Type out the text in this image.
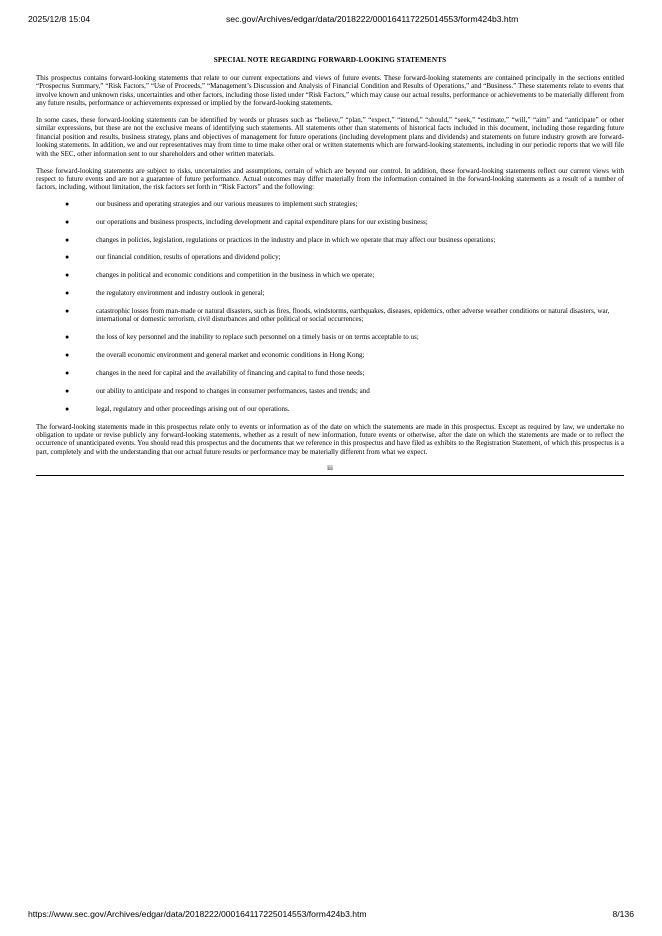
2025/12/8 15:04	sec.gov/Archives/edgar/data/2018222/000164117225014553/form424b3.htm
SPECIAL NOTE REGARDING FORWARD-LOOKING STATEMENTS

This prospectus contains forward-looking statements that relate to our current expectations and views of future events. These forward-looking statements are contained principally in the sections entitled “Prospectus Summary,” “Risk Factors,” “Use of Proceeds,” “Management’s Discussion and Analysis of Financial Condition and Results of Operations,” and “Business.” These statements relate to events that involve known and unknown risks, uncertainties and other factors, including those listed under “Risk Factors,” which may cause our actual results, performance or achievements to be materially different from any future results, performance or achievements expressed or implied by the forward-looking statements.

In some cases, these forward-looking statements can be identified by words or phrases such as “believe,” “plan,” “expect,” “intend,” “should,” “seek,” “estimate,” “will,” “aim” and “anticipate” or other similar expressions, but these are not the exclusive means of identifying such statements. All statements other than statements of historical facts included in this document, including those regarding future financial position and results, business strategy, plans and objectives of management for future operations (including development plans and dividends) and statements on future industry growth are forward-looking statements. In addition, we and our representatives may from time to time make other oral or written statements which are forward-looking statements, including in our periodic reports that we will file with the SEC, other information sent to our shareholders and other written materials.

These forward-looking statements are subject to risks, uncertainties and assumptions, certain of which are beyond our control. In addition, these forward-looking statements reflect our current views with respect to future events and are not a guarantee of future performance. Actual outcomes may differ materially from the information contained in the forward-looking statements as a result of a number of factors, including, without limitation, the risk factors set forth in “Risk Factors” and the following:

●	our business and operating strategies and our various measures to implement such strategies;
●	our operations and business prospects, including development and capital expenditure plans for our existing business;
●	changes in policies, legislation, regulations or practices in the industry and place in which we operate that may affect our business operations;
●	our financial condition, results of operations and dividend policy;
●	changes in political and economic conditions and competition in the business in which we operate;
●	the regulatory environment and industry outlook in general;
●	catastrophic losses from man-made or natural disasters, such as fires, floods, windstorms, earthquakes, diseases, epidemics, other adverse weather conditions or natural disasters, war, international or domestic terrorism, civil disturbances and other political or social occurrences;
●	the loss of key personnel and the inability to replace such personnel on a timely basis or on terms acceptable to us;
●	the overall economic environment and general market and economic conditions in Hong Kong;
●	changes in the need for capital and the availability of financing and capital to fund those needs;
●	our ability to anticipate and respond to changes in consumer performances, tastes and trends; and
●	legal, regulatory and other proceedings arising out of our operations.

The forward-looking statements made in this prospectus relate only to events or information as of the date on which the statements are made in this prospectus. Except as required by law, we undertake no obligation to update or revise publicly any forward-looking statements, whether as a result of new information, future events or otherwise, after the date on which the statements are made or to reflect the occurrence of unanticipated events. You should read this prospectus and the documents that we reference in this prospectus and have filed as exhibits to the Registration Statement, of which this prospectus is a part, completely and with the understanding that our actual future results or performance may be materially different from what we expect.

iii
https://www.sec.gov/Archives/edgar/data/2018222/000164117225014553/form424b3.htm	8/136
